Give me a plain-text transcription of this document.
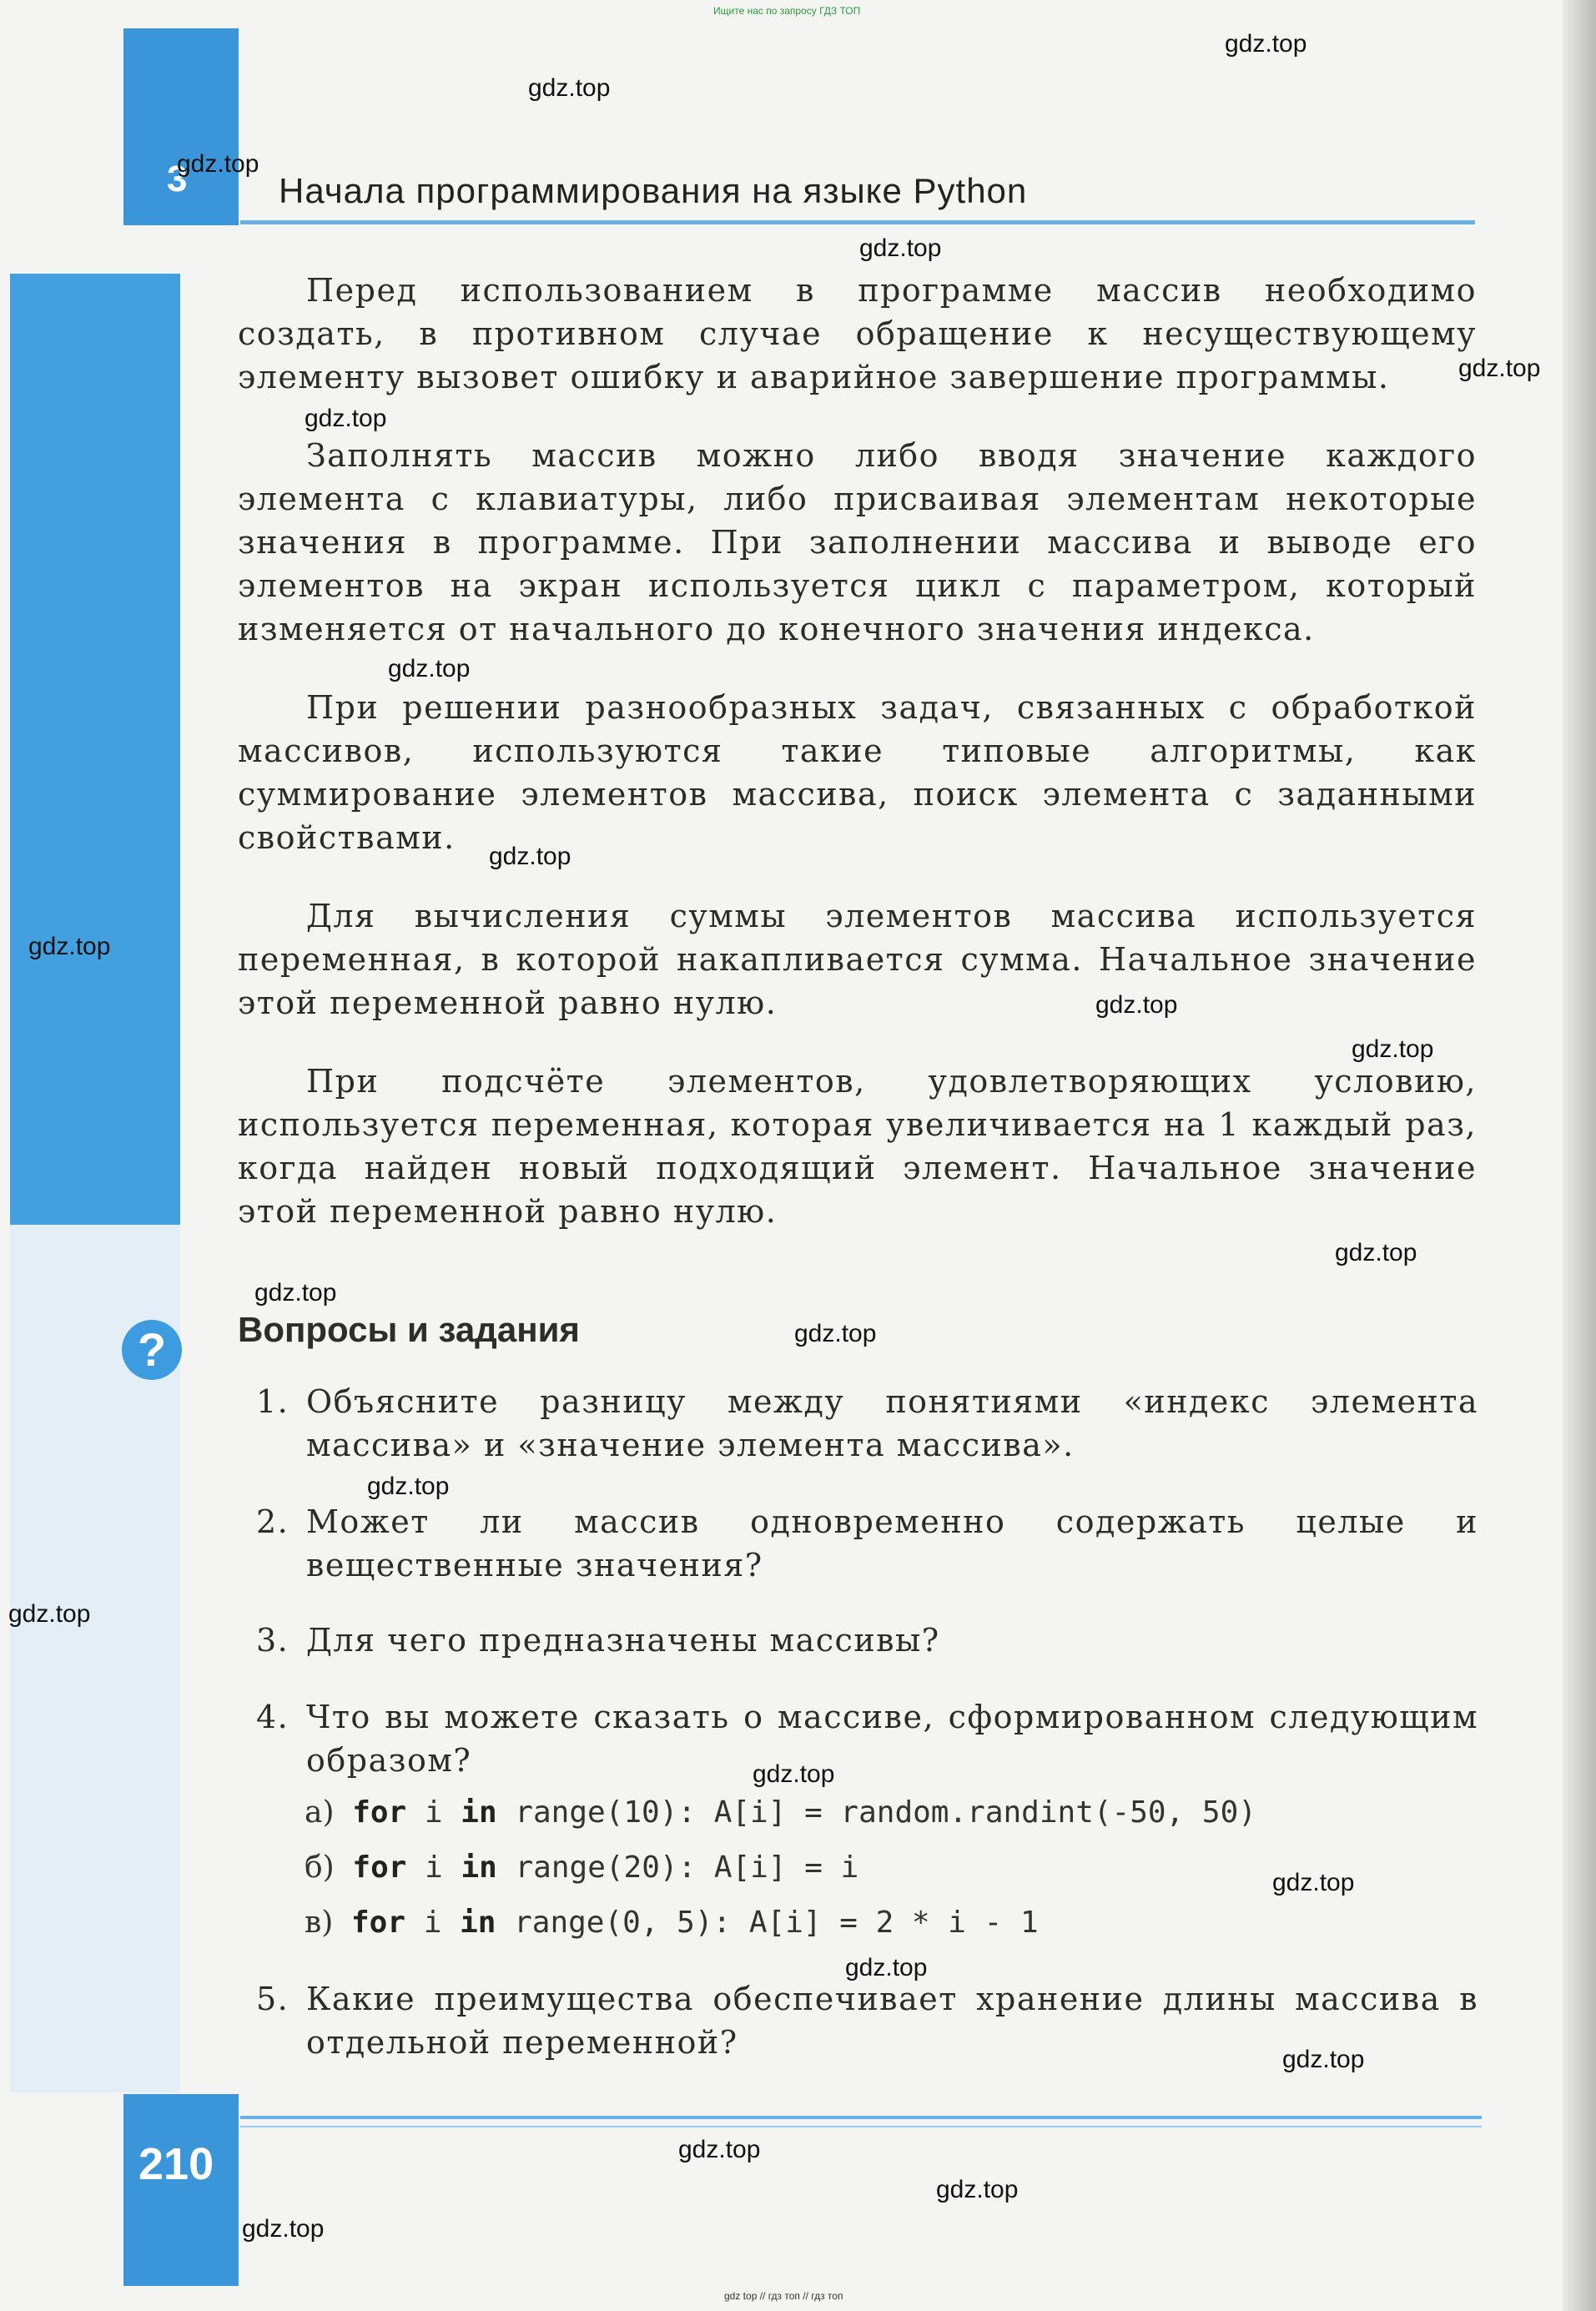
Ищите нас по запросу ГДЗ ТОП
3	Начала программирования на языке Python

Перед использованием в программе массив необходимо создать, в противном случае обращение к несуществующему элементу вызовет ошибку и аварийное завершение программы.

Заполнять массив можно либо вводя значение каждого элемента с клавиатуры, либо присваивая элементам некоторые значения в программе. При заполнении массива и выводе его элементов на экран используется цикл с параметром, который изменяется от начального до конечного значения индекса.

При решении разнообразных задач, связанных с обработкой массивов, используются такие типовые алгоритмы, как суммирование элементов массива, поиск элемента с заданными свойствами.

Для вычисления суммы элементов массива используется переменная, в которой накапливается сумма. Начальное значение этой переменной равно нулю.

При подсчёте элементов, удовлетворяющих условию, используется переменная, которая увеличивается на 1 каждый раз, когда найден новый подходящий элемент. Начальное значение этой переменной равно нулю.

?	Вопросы и задания
1. Объясните разницу между понятиями «индекс элемента массива» и «значение элемента массива».
2. Может ли массив одновременно содержать целые и вещественные значения?
3. Для чего предназначены массивы?
4. Что вы можете сказать о массиве, сформированном следующим образом?
а) for i in range(10): A[i] = random.randint(-50, 50)
б) for i in range(20): A[i] = i
в) for i in range(0, 5): A[i] = 2 * i - 1
5. Какие преимущества обеспечивает хранение длины массива в отдельной переменной?
210
gdz.top
gdz.top
gdz.top
gdz.top
gdz.top
gdz.top
gdz.top
gdz.top
gdz.top
gdz.top
gdz.top
gdz.top
gdz.top
gdz.top
gdz.top
gdz.top
gdz.top
gdz.top
gdz.top
gdz.top
gdz.top
gdz.top
gdz.top
gdz top // гдз топ // гдз топ
